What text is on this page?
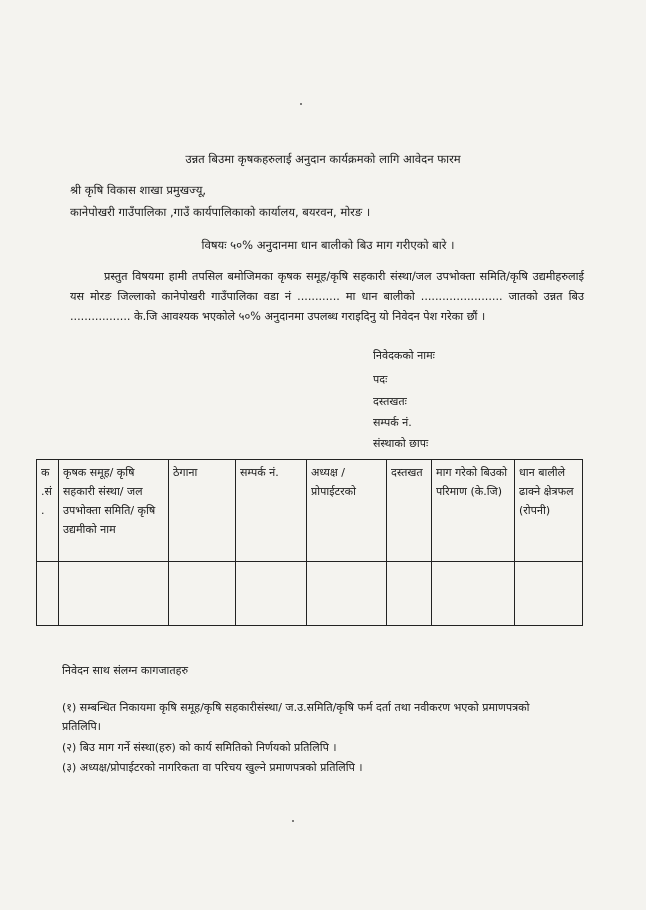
उन्नत बिउमा कृषकहरुलाई अनुदान कार्यक्रमको लागि आवेदन फारम
श्री कृषि विकास शाखा प्रमुखज्यू,
कानेपोखरी गाउँपालिका ,गाउँ कार्यपालिकाको कार्यालय, बयरवन, मोरङ ।
विषयः ५०% अनुदानमा धान बालीको बिउ माग गरीएको बारे ।
प्रस्तुत विषयमा हामी तपसिल बमोजिमका कृषक समूह/कृषि सहकारी संस्था/जल उपभोक्ता समिति/कृषि उद्यमीहरुलाई यस मोरङ जिल्लाको कानेपोखरी गाउँपालिका वडा नं ............ मा धान बालीको ....................... जातको उन्नत बिउ ................. के.जि आवश्यक भएकोले ५०% अनुदानमा उपलब्ध गराइदिनु यो निवेदन पेश गरेका छौं ।
निवेदकको नामः
पदः
दस्तखतः
सम्पर्क नं.
संस्थाको छापः
क .सं .	कृषक समूह/ कृषि सहकारी संस्था/ जल उपभोक्ता समिति/ कृषि उद्यमीको नाम	ठेगाना	सम्पर्क नं.	अध्यक्ष /प्रोपाईटरको	दस्तखत	माग गरेको बिउको परिमाण (के.जि)	धान बालीले ढाक्ने क्षेत्रफल (रोपनी)

निवेदन साथ संलग्न कागजातहरु
(१) सम्बन्धित निकायमा कृषि समूह/कृषि सहकारीसंस्था/ ज.उ.समिति/कृषि फर्म दर्ता तथा नवीकरण भएको प्रमाणपत्रको प्रतिलिपि।
(२) बिउ माग गर्ने संस्था(हरु) को कार्य समितिको निर्णयको प्रतिलिपि ।
(३) अध्यक्ष/प्रोपाईटरको नागरिकता वा परिचय खुल्ने प्रमाणपत्रको प्रतिलिपि ।
